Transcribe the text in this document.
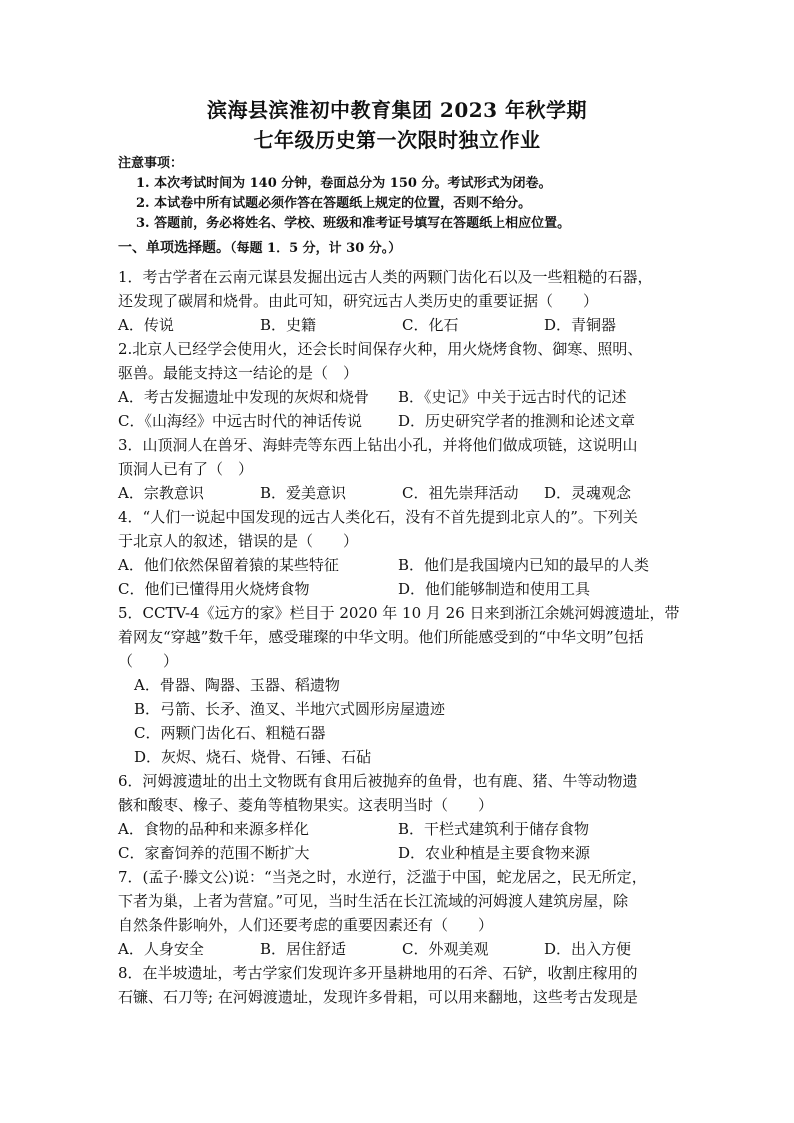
滨海县滨淮初中教育集团 2023 年秋学期
七年级历史第一次限时独立作业
注意事项：
1. 本次考试时间为 140 分钟，卷面总分为 150 分。考试形式为闭卷。
2. 本试卷中所有试题必须作答在答题纸上规定的位置，否则不给分。
3. 答题前，务必将姓名、学校、班级和准考证号填写在答题纸上相应位置。
一、单项选择题。（每题 1．5 分，计 30 分。）
1．考古学者在云南元谋县发掘出远古人类的两颗门齿化石以及一些粗糙的石器，
还发现了碳屑和烧骨。由此可知，研究远古人类历史的重要证据（　　）
A．传说	B．史籍	C．化石	D．青铜器
2.北京人已经学会使用火，还会长时间保存火种，用火烧烤食物、御寒、照明、
驱兽。最能支持这一结论的是（　）
A．考古发掘遗址中发现的灰烬和烧骨	B．《史记》中关于远古时代的记述
C．《山海经》中远古时代的神话传说	D．历史研究学者的推测和论述文章
3．山顶洞人在兽牙、海蚌壳等东西上钻出小孔，并将他们做成项链，这说明山
顶洞人已有了（　）
A．宗教意识	B．爱美意识	C．祖先崇拜活动	D．灵魂观念
4．“人们一说起中国发现的远古人类化石，没有不首先提到北京人的”。下列关
于北京人的叙述，错误的是（　　）
A．他们依然保留着猿的某些特征	B．他们是我国境内已知的最早的人类
C．他们已懂得用火烧烤食物	D．他们能够制造和使用工具
5．CCTV-4《远方的家》栏目于 2020 年 10 月 26 日来到浙江余姚河姆渡遗址，带
着网友“穿越”数千年，感受璀璨的中华文明。他们所能感受到的“中华文明”包括
（　　）
A．骨器、陶器、玉器、稻遗物
B．弓箭、长矛、渔叉、半地穴式圆形房屋遗迹
C．两颗门齿化石、粗糙石器
D．灰烬、烧石、烧骨、石锤、石砧
6．河姆渡遗址的出土文物既有食用后被抛弃的鱼骨，也有鹿、猪、牛等动物遗
骸和酸枣、橡子、菱角等植物果实。这表明当时（　　）
A．食物的品种和来源多样化	B．干栏式建筑利于储存食物
C．家畜饲养的范围不断扩大	D．农业种植是主要食物来源
7．(孟子·滕文公)说：“当尧之时，水逆行，泛滥于中国，蛇龙居之，民无所定，
下者为巢，上者为营窟。”可见，当时生活在长江流域的河姆渡人建筑房屋，除
自然条件影响外，人们还要考虑的重要因素还有（　　）
A．人身安全	B．居住舒适	C．外观美观	D．出入方便
8．在半坡遗址，考古学家们发现许多开垦耕地用的石斧、石铲，收割庄稼用的
石镰、石刀等; 在河姆渡遗址，发现许多骨耜，可以用来翻地，这些考古发现是
